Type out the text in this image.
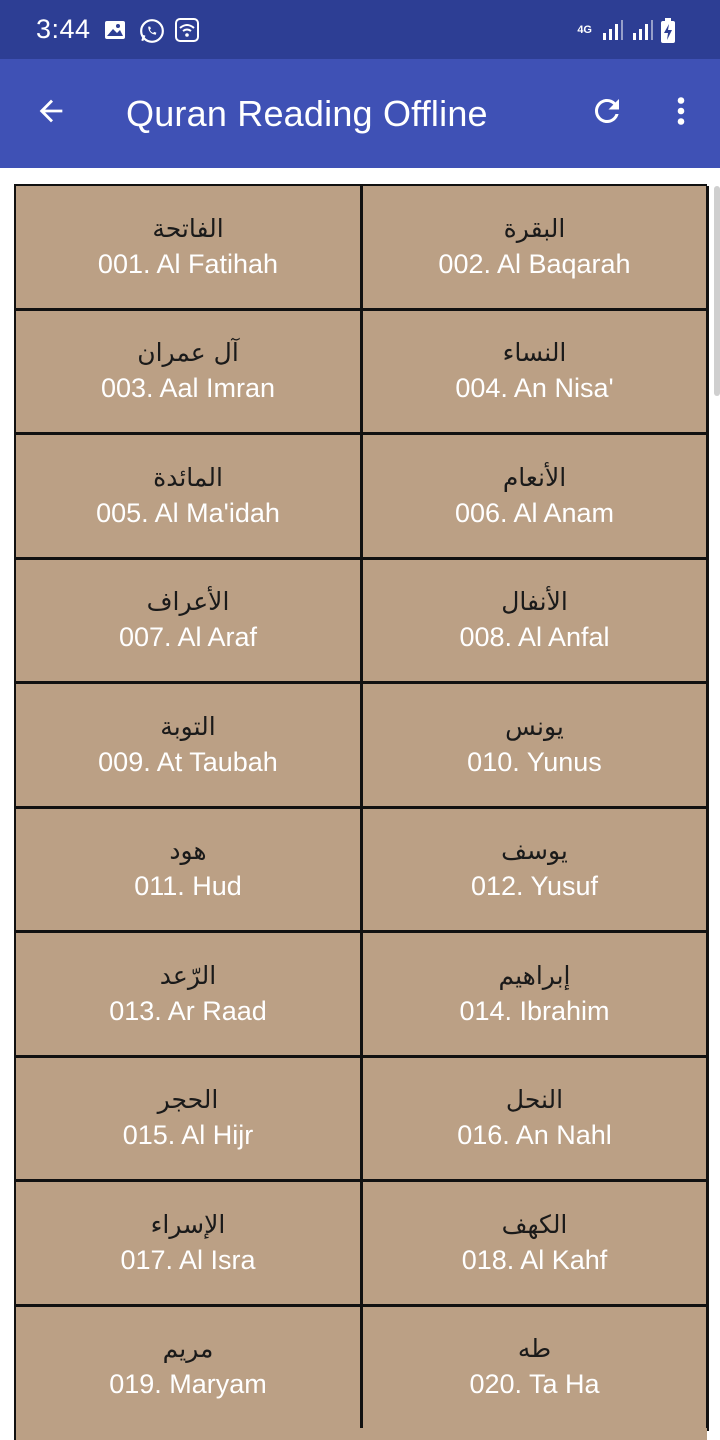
3:44	4G
Quran Reading Offline
الفاتحة
001. Al Fatihah
البقرة
002. Al Baqarah
آل عمران
003. Aal Imran
النساء
004. An Nisa'
المائدة
005. Al Ma'idah
الأنعام
006. Al Anam
الأعراف
007. Al Araf
الأنفال
008. Al Anfal
التوبة
009. At Taubah
يونس
010. Yunus
هود
011. Hud
يوسف
012. Yusuf
الرّعد
013. Ar Raad
إبراهيم
014. Ibrahim
الحجر
015. Al Hijr
النحل
016. An Nahl
الإسراء
017. Al Isra
الكهف
018. Al Kahf
مريم
019. Maryam
طه
020. Ta Ha
